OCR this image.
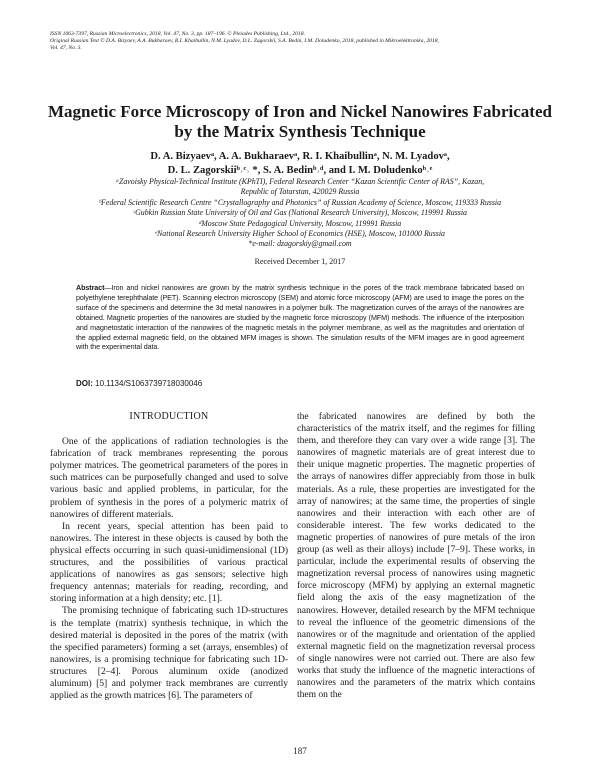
ISSN 1063-7397, Russian Microelectronics, 2018, Vol. 47, No. 3, pp. 187–196. © Pleiades Publishing, Ltd., 2018.
Original Russian Text © D.A. Bizyaev, A.A. Bukharaev, R.I. Khaibullin, N.M. Lyadov, D.L. Zagorskii, S.A. Bedin, I.M. Doludenko, 2018, published in Mikroelektronika, 2018,
Vol. 47, No. 3.
Magnetic Force Microscopy of Iron and Nickel Nanowires Fabricated
by the Matrix Synthesis Technique
D. A. Bizyaevᵃ, A. A. Bukharaevᵃ, R. I. Khaibullinᵃ, N. M. Lyadovᵃ,
D. L. Zagorskiiᵇ˒ᶜ˒ *, S. A. Bedinᵇ˒ᵈ, and I. M. Doludenkoᵇ˒ᵉ
ᵃZavoisky Physical-Technical Institute (KPhTI), Federal Research Center “Kazan Scientific Center of RAS”, Kazan,
Republic of Tatarstan, 420029 Russia
ᵇFederal Scientific Research Centre “Crystallography and Photonics” of Russian Academy of Science, Moscow, 119333 Russia
ᶜGubkin Russian State University of Oil and Gas (National Research University), Moscow, 119991 Russia
ᵈMoscow State Pedagogical University, Moscow, 119991 Russia
ᵉNational Research University Higher School of Economics (HSE), Moscow, 101000 Russia
*e-mail: dzagorskiy@gmail.com
Received December 1, 2017
Abstract—Iron and nickel nanowires are grown by the matrix synthesis technique in the pores of the track membrane fabricated based on polyethylene terephthalate (PET). Scanning electron microscopy (SEM) and atomic force microscopy (AFM) are used to image the pores on the surface of the specimens and determine the 3d metal nanowires in a polymer bulk. The magnetization curves of the arrays of the nanowires are obtained. Magnetic properties of the nanowires are studied by the magnetic force microscopy (MFM) methods. The influence of the interposition and magnetostatic interaction of the nanowires of the magnetic metals in the polymer membrane, as well as the magnitudes and orientation of the applied external magnetic field, on the obtained MFM images is shown. The simulation results of the MFM images are in good agreement with the experimental data.
DOI: 10.1134/S1063739718030046

INTRODUCTION

One of the applications of radiation technologies is the fabrication of track membranes representing the porous polymer matrices. The geometrical parameters of the pores in such matrices can be purposefully changed and used to solve various basic and applied problems, in particular, for the problem of synthesis in the pores of a polymeric matrix of nanowires of different materials.

In recent years, special attention has been paid to nanowires. The interest in these objects is caused by both the physical effects occurring in such quasi-unidimensional (1D) structures, and the possibilities of various practical applications of nanowires as gas sensors; selective high frequency antennas; materials for reading, recording, and storing information at a high density; etc. [1].

The promising technique of fabricating such 1D-structures is the template (matrix) synthesis technique, in which the desired material is deposited in the pores of the matrix (with the specified parameters) forming a set (arrays, ensembles) of nanowires, is a promising technique for fabricating such 1D-structures [2–4]. Porous aluminum oxide (anodized aluminum) [5] and polymer track membranes are currently applied as the growth matrices [6]. The parameters of

the fabricated nanowires are defined by both the characteristics of the matrix itself, and the regimes for filling them, and therefore they can vary over a wide range [3]. The nanowires of magnetic materials are of great interest due to their unique magnetic properties. The magnetic properties of the arrays of nanowires differ appreciably from those in bulk materials. As a rule, these properties are investigated for the array of nanowires; at the same time, the properties of single nanowires and their interaction with each other are of considerable interest. The few works dedicated to the magnetic properties of nanowires of pure metals of the iron group (as well as their alloys) include [7–9]. These works, in particular, include the experimental results of observing the magnetization reversal process of nanowires using magnetic force microscopy (MFM) by applying an external magnetic field along the axis of the easy magnetization of the nanowires. However, detailed research by the MFM technique to reveal the influence of the geometric dimensions of the nanowires or of the magnitude and orientation of the applied external magnetic field on the magnetization reversal process of single nanowires were not carried out. There are also few works that study the influence of the magnetic interactions of nanowires and the parameters of the matrix which contains them on the

187
